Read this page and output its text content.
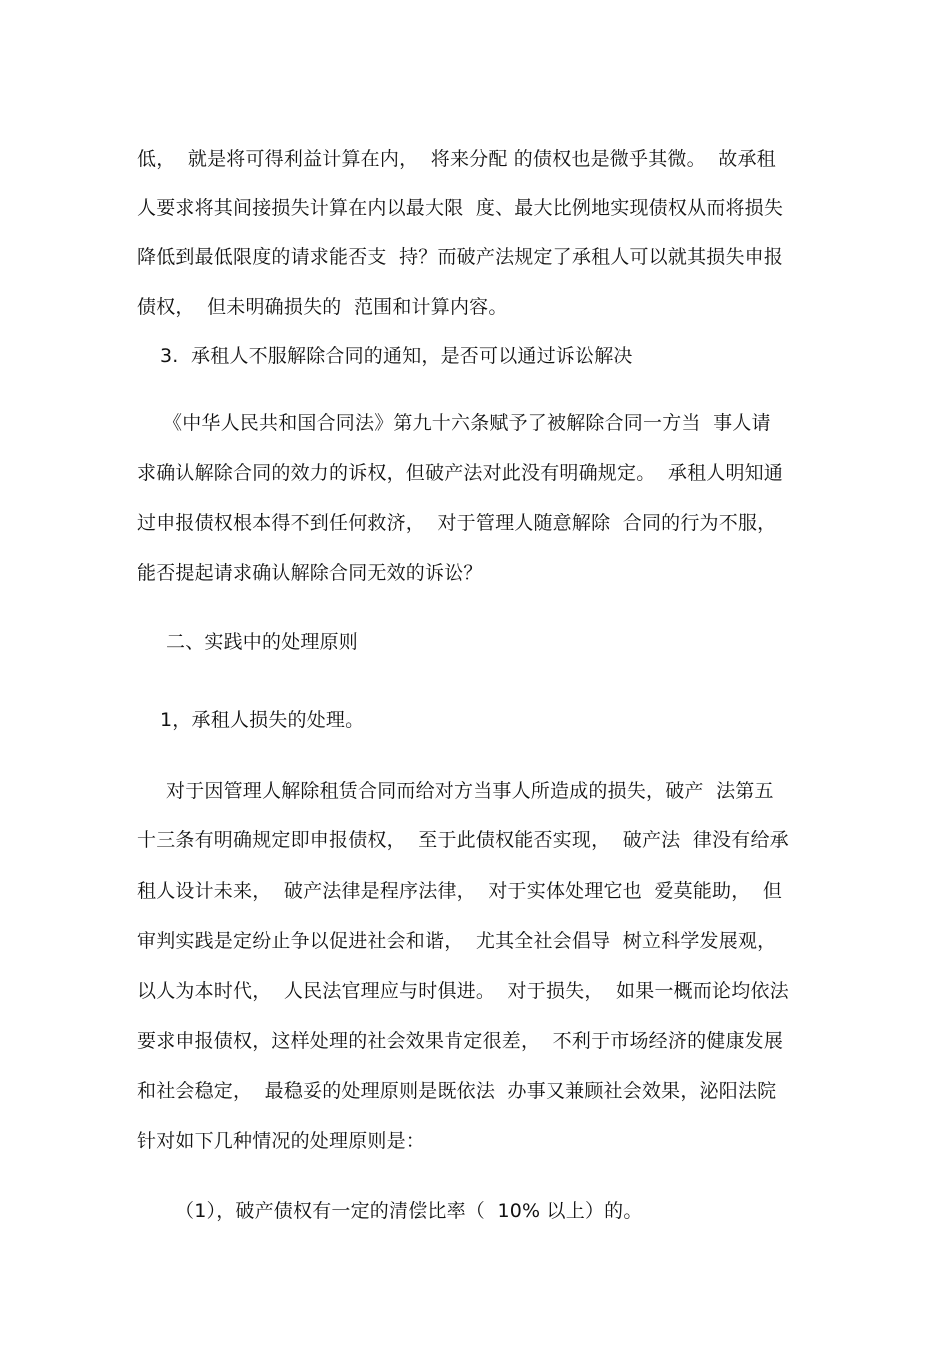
低，  就是将可得利益计算在内，  将来分配 的债权也是微乎其微。  故承租
人要求将其间接损失计算在内以最大限  度、最大比例地实现债权从而将损失
降低到最低限度的请求能否支  持？而破产法规定了承租人可以就其损失申报
债权，  但未明确损失的  范围和计算内容。
3.  承租人不服解除合同的通知，是否可以通过诉讼解决
《中华人民共和国合同法》第九十六条赋予了被解除合同一方当  事人请
求确认解除合同的效力的诉权，但破产法对此没有明确规定。  承租人明知通
过申报债权根本得不到任何救济，  对于管理人随意解除  合同的行为不服，
能否提起请求确认解除合同无效的诉讼？
二、实践中的处理原则
1，承租人损失的处理。
对于因管理人解除租赁合同而给对方当事人所造成的损失，破产  法第五
十三条有明确规定即申报债权，  至于此债权能否实现，  破产法  律没有给承
租人设计未来，  破产法律是程序法律，  对于实体处理它也  爱莫能助，  但
审判实践是定纷止争以促进社会和谐，  尤其全社会倡导  树立科学发展观，
以人为本时代，  人民法官理应与时俱进。  对于损失，  如果一概而论均依法
要求申报债权，这样处理的社会效果肯定很差，  不利于市场经济的健康发展
和社会稳定，  最稳妥的处理原则是既依法  办事又兼顾社会效果，泌阳法院
针对如下几种情况的处理原则是：
（1），破产债权有一定的清偿比率（  10% 以上）的。
